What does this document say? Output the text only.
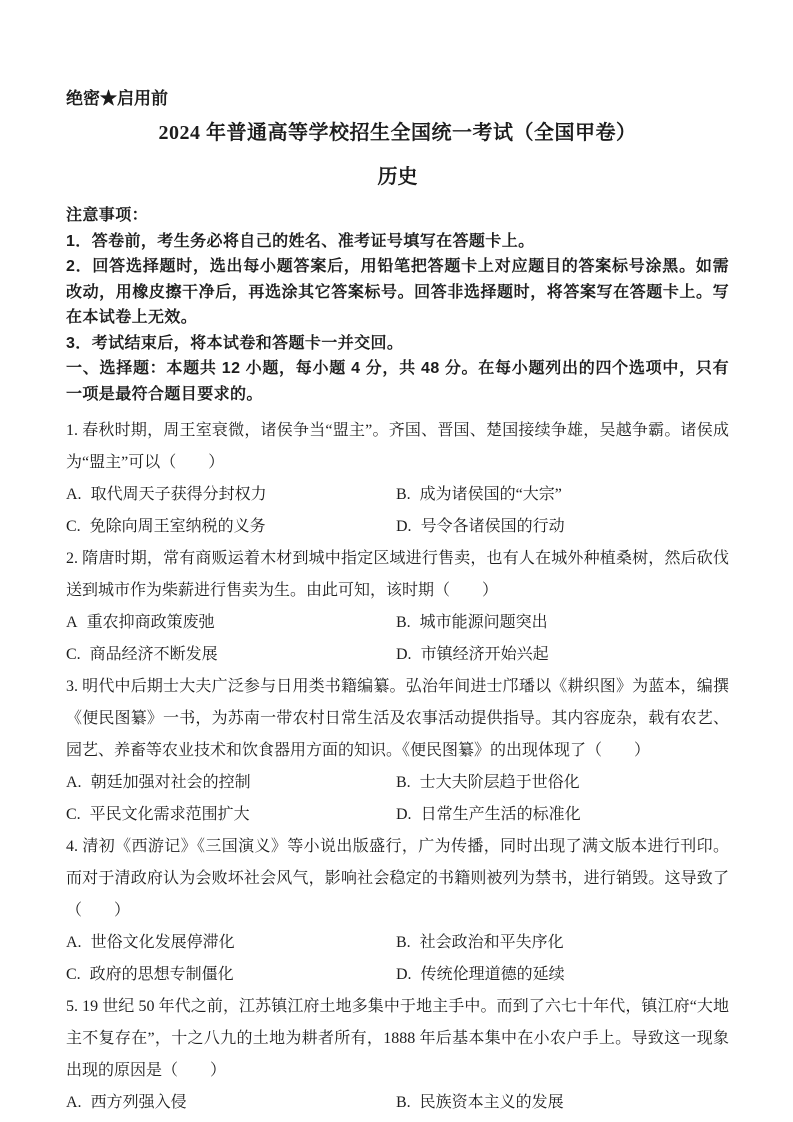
绝密★启用前
2024 年普通高等学校招生全国统一考试（全国甲卷）
历史

注意事项：

1．答卷前，考生务必将自己的姓名、准考证号填写在答题卡上。

2．回答选择题时，选出每小题答案后，用铅笔把答题卡上对应题目的答案标号涂黑。如需改动，用橡皮擦干净后，再选涂其它答案标号。回答非选择题时，将答案写在答题卡上。写在本试卷上无效。

3．考试结束后，将本试卷和答题卡一并交回。

一、选择题：本题共 12 小题，每小题 4 分，共 48 分。在每小题列出的四个选项中，只有一项是最符合题目要求的。

1. 春秋时期，周王室衰微，诸侯争当“盟主”。齐国、晋国、楚国接续争雄，吴越争霸。诸侯成为“盟主”可以（　　）

A. 取代周天子获得分封权力	B. 成为诸侯国的“大宗”
C. 免除向周王室纳税的义务	D. 号令各诸侯国的行动

2. 隋唐时期，常有商贩运着木材到城中指定区域进行售卖，也有人在城外种植桑树，然后砍伐送到城市作为柴薪进行售卖为生。由此可知，该时期（　　）

A 重农抑商政策废弛	B. 城市能源问题突出
C. 商品经济不断发展	D. 市镇经济开始兴起

3. 明代中后期士大夫广泛参与日用类书籍编纂。弘治年间进士邝璠以《耕织图》为蓝本，编撰《便民图纂》一书，为苏南一带农村日常生活及农事活动提供指导。其内容庞杂，载有农艺、园艺、养畜等农业技术和饮食器用方面的知识。《便民图纂》的出现体现了（　　）

A. 朝廷加强对社会的控制	B. 士大夫阶层趋于世俗化
C. 平民文化需求范围扩大	D. 日常生产生活的标准化

4. 清初《西游记》《三国演义》等小说出版盛行，广为传播，同时出现了满文版本进行刊印。而对于清政府认为会败坏社会风气，影响社会稳定的书籍则被列为禁书，进行销毁。这导致了（　　）

A. 世俗文化发展停滞化	B. 社会政治和平失序化
C. 政府的思想专制僵化	D. 传统伦理道德的延续

5. 19 世纪 50 年代之前，江苏镇江府土地多集中于地主手中。而到了六七十年代，镇江府“大地主不复存在”，十之八九的土地为耕者所有，1888 年后基本集中在小农户手上。导致这一现象出现的原因是（　　）

A. 西方列强入侵	B. 民族资本主义的发展
